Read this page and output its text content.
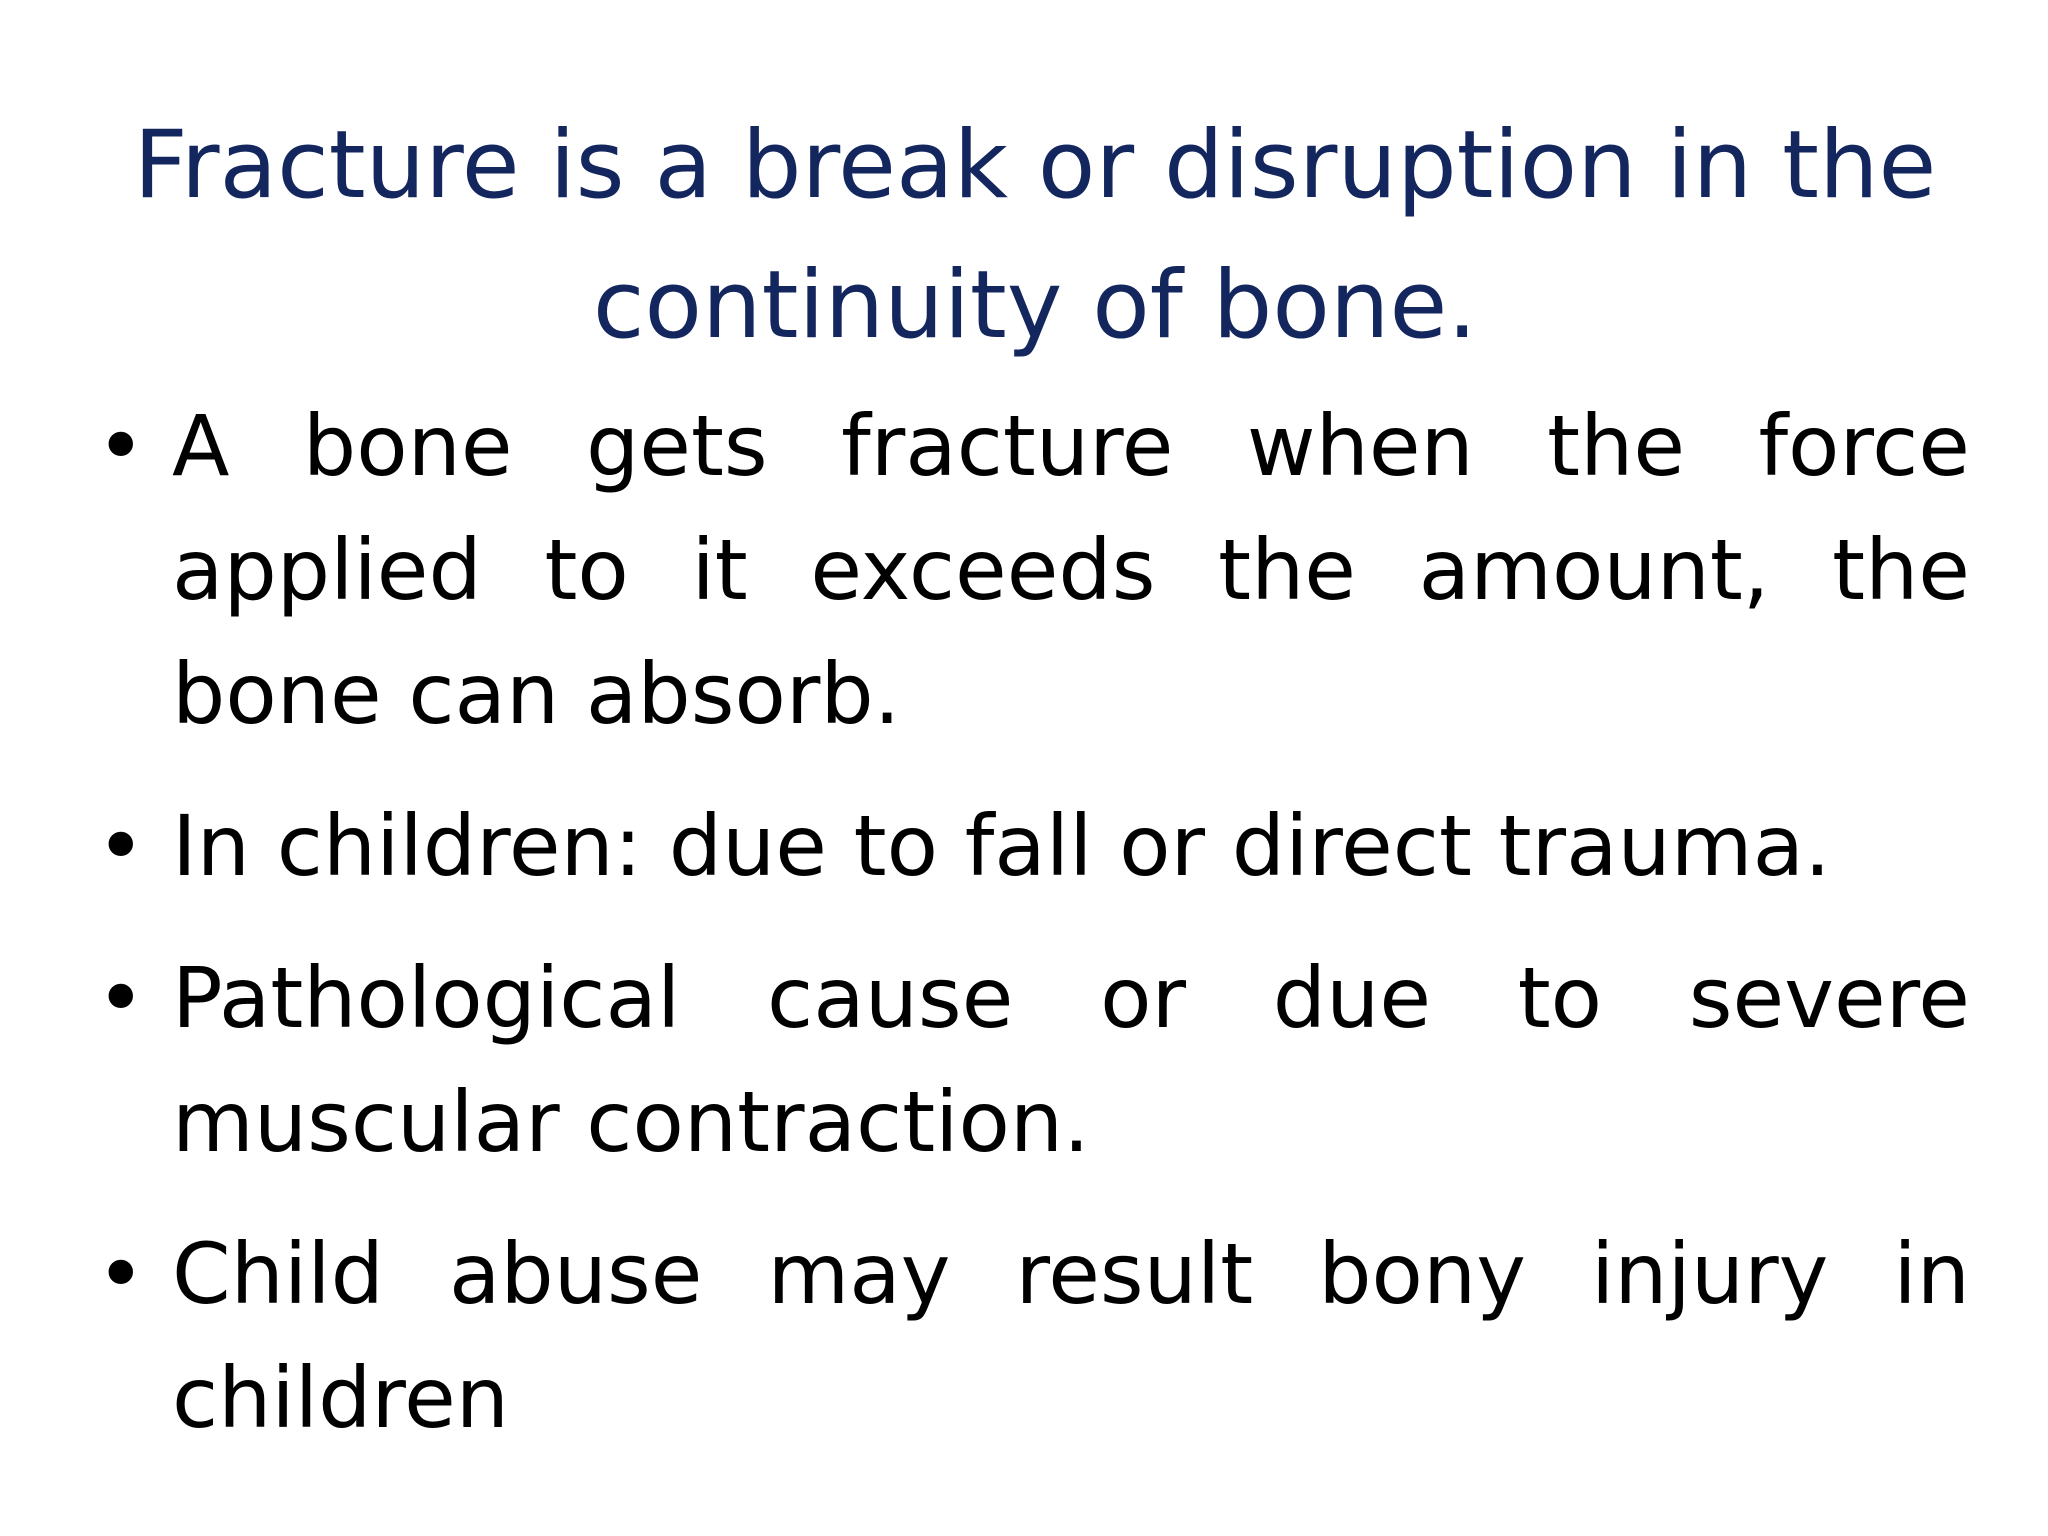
Fracture is a break or disruption in the continuity of bone.
• A bone gets fracture when the force applied to it exceeds the amount, the bone can absorb.
• In children: due to fall or direct trauma.
• Pathological cause or due to severe muscular contraction.
• Child abuse may result bony injury in children
